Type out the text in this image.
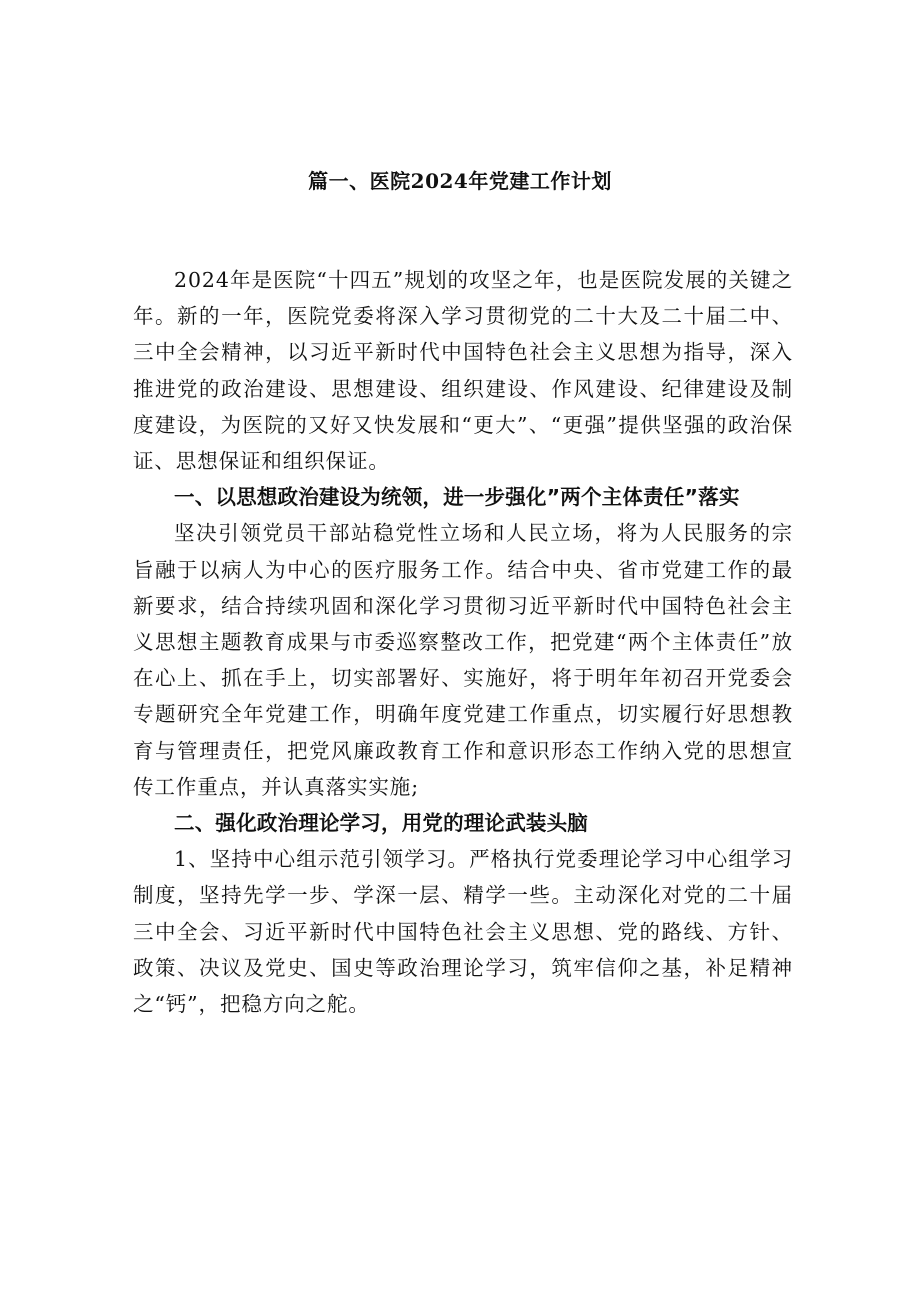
篇一、医院2024年党建工作计划

2024年是医院“十四五”规划的攻坚之年，也是医院发展的关键之年。新的一年，医院党委将深入学习贯彻党的二十大及二十届二中、三中全会精神，以习近平新时代中国特色社会主义思想为指导，深入推进党的政治建设、思想建设、组织建设、作风建设、纪律建设及制度建设，为医院的又好又快发展和“更大”、“更强”提供坚强的政治保证、思想保证和组织保证。

一、以思想政治建设为统领，进一步强化”两个主体责任”落实

坚决引领党员干部站稳党性立场和人民立场，将为人民服务的宗旨融于以病人为中心的医疗服务工作。结合中央、省市党建工作的最新要求，结合持续巩固和深化学习贯彻习近平新时代中国特色社会主义思想主题教育成果与市委巡察整改工作，把党建“两个主体责任”放在心上、抓在手上，切实部署好、实施好，将于明年年初召开党委会专题研究全年党建工作，明确年度党建工作重点，切实履行好思想教育与管理责任，把党风廉政教育工作和意识形态工作纳入党的思想宣传工作重点，并认真落实实施;

二、强化政治理论学习，用党的理论武装头脑

1、坚持中心组示范引领学习。严格执行党委理论学习中心组学习制度，坚持先学一步、学深一层、精学一些。主动深化对党的二十届三中全会、习近平新时代中国特色社会主义思想、党的路线、方针、政策、决议及党史、国史等政治理论学习，筑牢信仰之基，补足精神之“钙”，把稳方向之舵。
